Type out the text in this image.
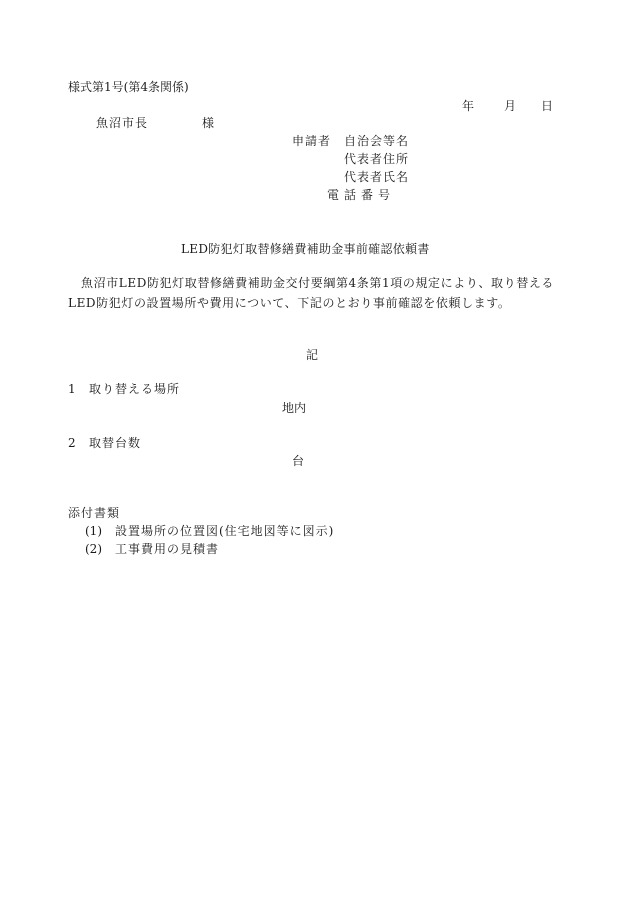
様式第1号(第4条関係)
年 月 日
魚沼市長	様
申請者 自治会等名
代表者住所
代表者氏名
電話番号
LED防犯灯取替修繕費補助金事前確認依頼書
魚沼市LED防犯灯取替修繕費補助金交付要綱第4条第1項の規定により、取り替えるLED防犯灯の設置場所や費用について、下記のとおり事前確認を依頼します。
記
1 取り替える場所
地内
2 取替台数
台
添付書類
(1) 設置場所の位置図(住宅地図等に図示)
(2) 工事費用の見積書
